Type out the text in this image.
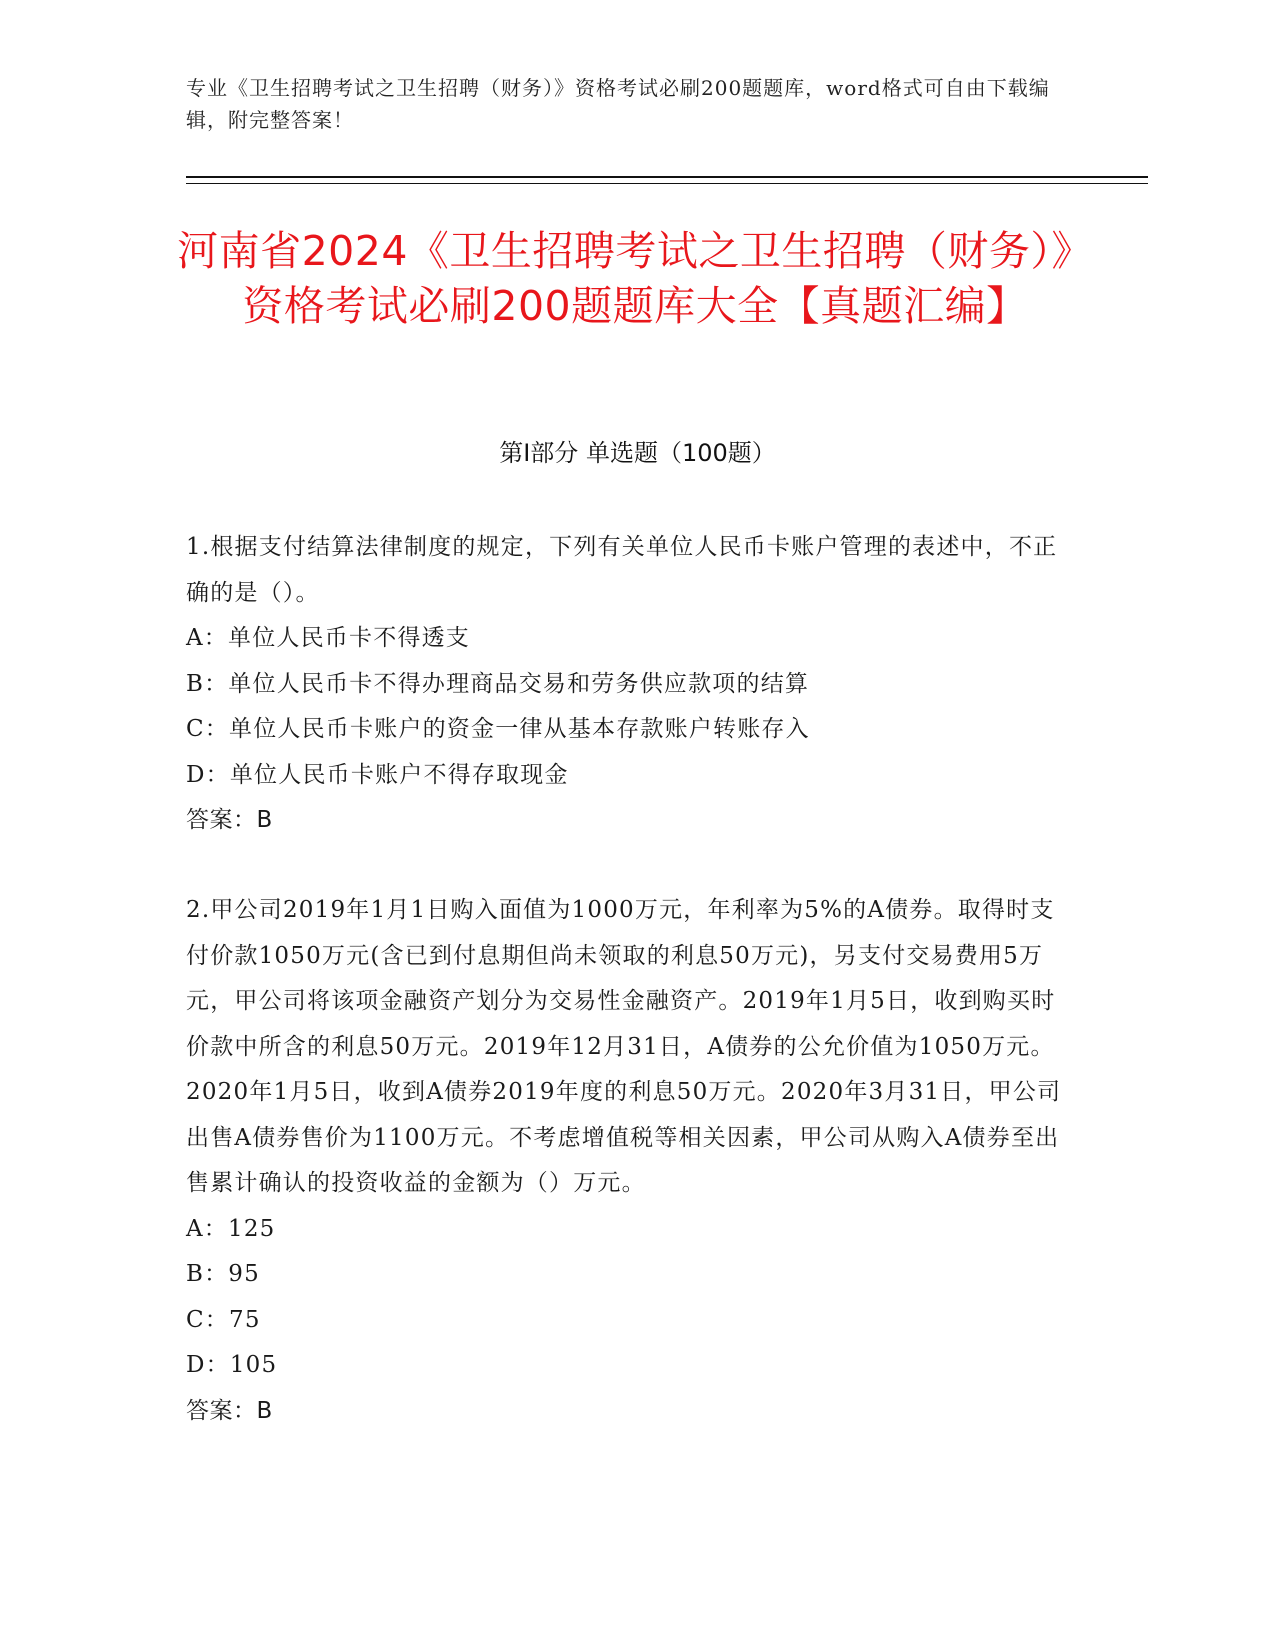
专业《卫生招聘考试之卫生招聘（财务）》资格考试必刷200题题库，word格式可自由下载编辑，附完整答案！
河南省2024《卫生招聘考试之卫生招聘（财务）》资格考试必刷200题题库大全【真题汇编】
第I部分 单选题（100题）
1.根据支付结算法律制度的规定，下列有关单位人民币卡账户管理的表述中，不正确的是（）。
A：单位人民币卡不得透支
B：单位人民币卡不得办理商品交易和劳务供应款项的结算
C：单位人民币卡账户的资金一律从基本存款账户转账存入
D：单位人民币卡账户不得存取现金
答案：B
2.甲公司2019年1月1日购入面值为1000万元，年利率为5%的A债券。取得时支付价款1050万元(含已到付息期但尚未领取的利息50万元)，另支付交易费用5万元，甲公司将该项金融资产划分为交易性金融资产。2019年1月5日，收到购买时价款中所含的利息50万元。2019年12月31日，A债券的公允价值为1050万元。2020年1月5日，收到A债券2019年度的利息50万元。2020年3月31日，甲公司出售A债券售价为1100万元。不考虑增值税等相关因素，甲公司从购入A债券至出售累计确认的投资收益的金额为（）万元。
A：125
B：95
C：75
D：105
答案：B
